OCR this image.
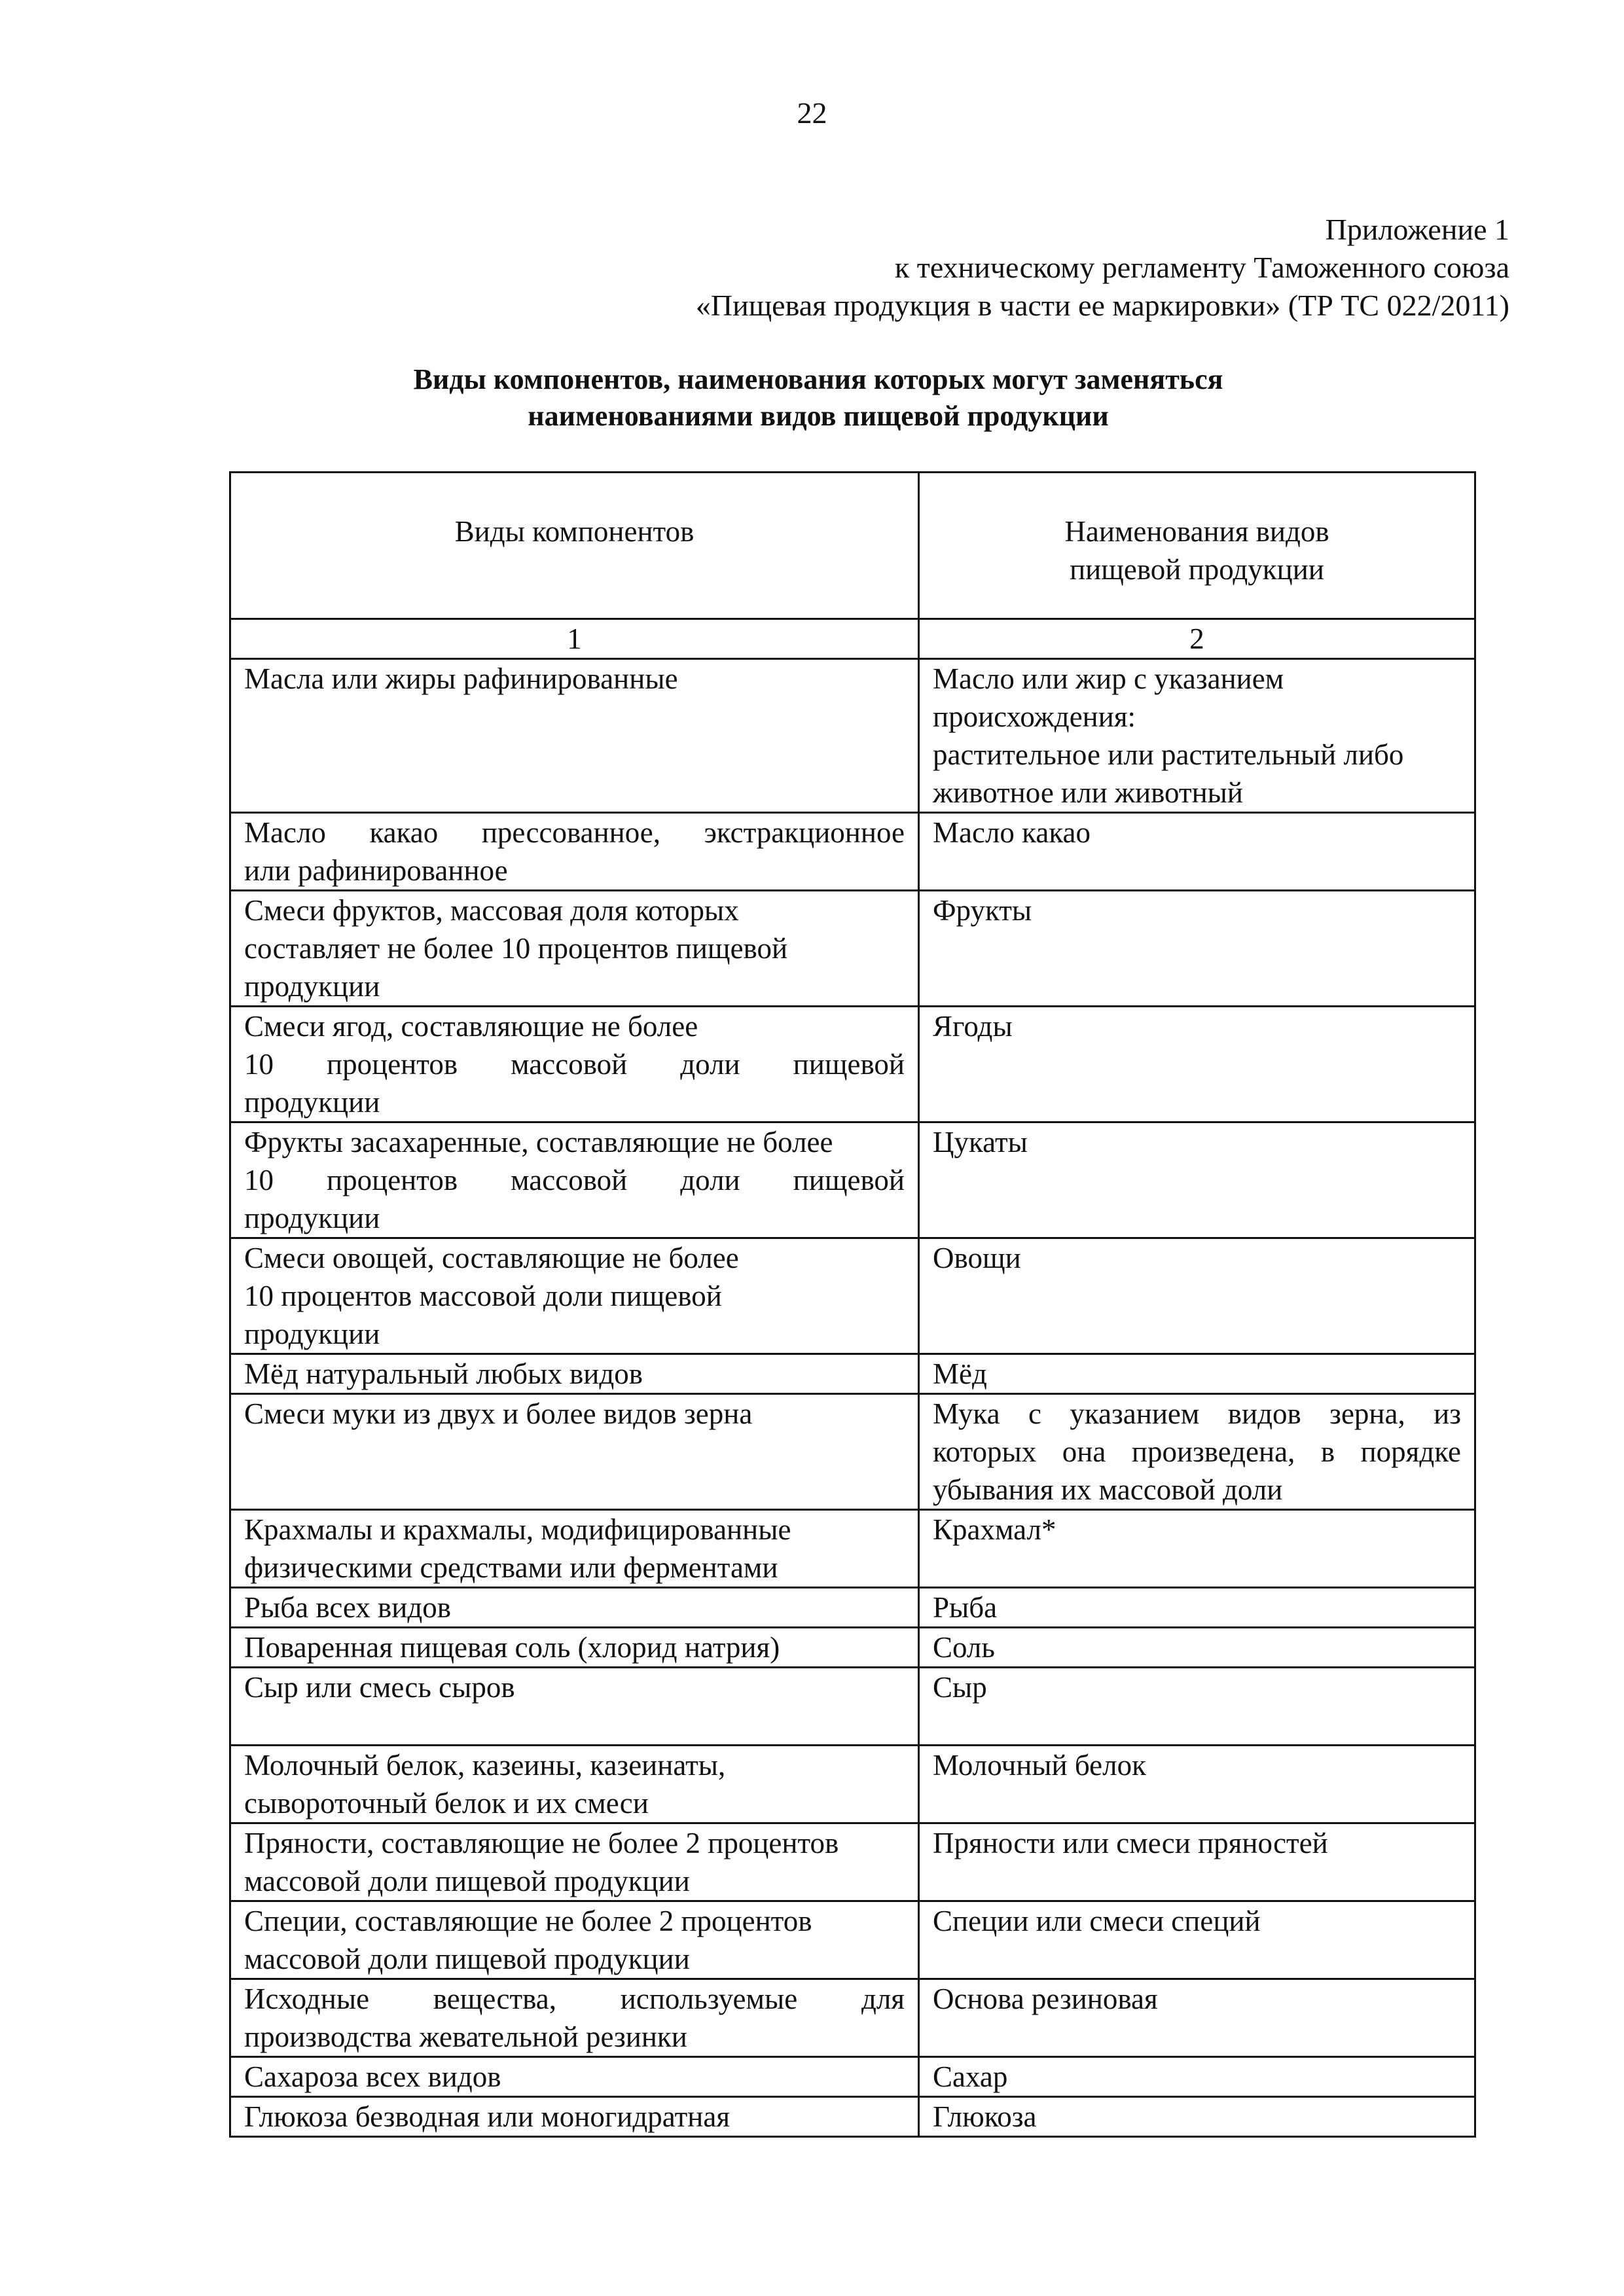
22
Приложение 1
к техническому регламенту Таможенного союза
«Пищевая продукция в части ее маркировки» (ТР ТС 022/2011)
Виды компонентов, наименования которых могут заменяться
наименованиями видов пищевой продукции
Виды компонентов	Наименования видов
пищевой продукции

1	2

Масла или жиры рафинированные	Масло или жир с указанием
происхождения:
растительное или растительный либо
животное или животный

Масло какао прессованное, экстракционное
или рафинированное	Масло какао

Смеси фруктов, массовая доля которых
составляет не более 10 процентов пищевой
продукции	Фрукты

Смеси ягод, составляющие не более
10 процентов массовой доли пищевой
продукции	Ягоды

Фрукты засахаренные, составляющие не более
10 процентов массовой доли пищевой
продукции	Цукаты

Смеси овощей, составляющие не более
10 процентов массовой доли пищевой
продукции	Овощи

Мёд натуральный любых видов	Мёд

Смеси муки из двух и более видов зерна	Мука с указанием видов зерна, из
которых она произведена, в порядке
убывания их массовой доли

Крахмалы и крахмалы, модифицированные
физическими средствами или ферментами	Крахмал*

Рыба всех видов	Рыба

Поваренная пищевая соль (хлорид натрия)	Соль

Сыр или смесь сыров	Сыр

Молочный белок, казеины, казеинаты,
сывороточный белок и их смеси	Молочный белок

Пряности, составляющие не более 2 процентов
массовой доли пищевой продукции	Пряности или смеси пряностей

Специи, составляющие не более 2 процентов
массовой доли пищевой продукции	Специи или смеси специй

Исходные вещества, используемые для
производства жевательной резинки	Основа резиновая

Сахароза всех видов	Сахар

Глюкоза безводная или моногидратная	Глюкоза
